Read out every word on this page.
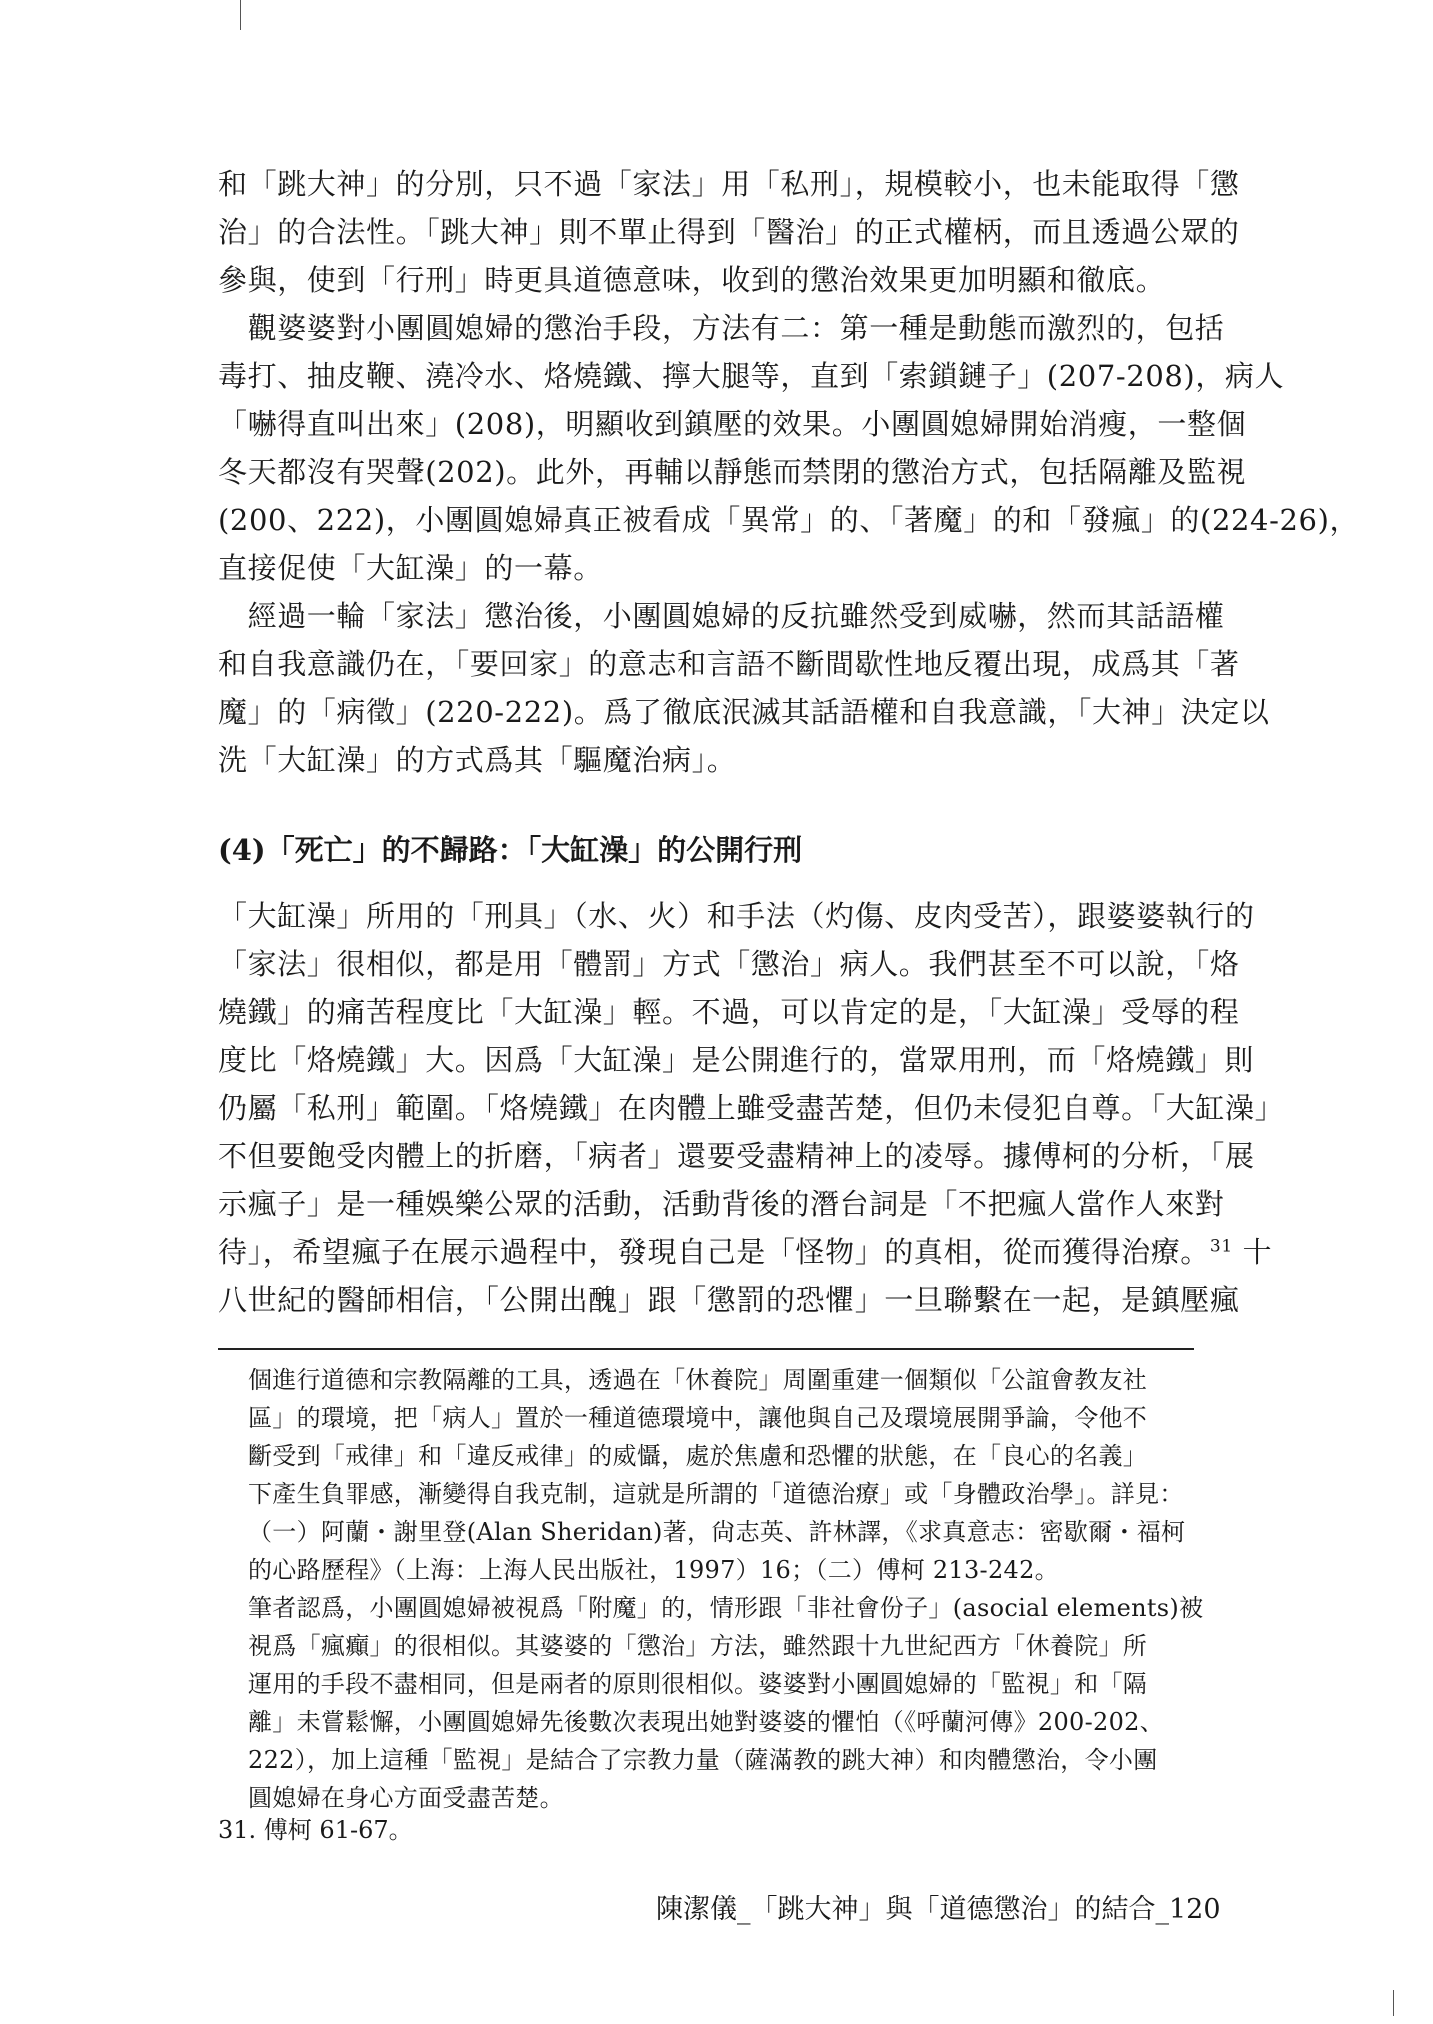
和「跳大神」的分別，只不過「家法」用「私刑」，規模較小，也未能取得「懲
治」的合法性。「跳大神」則不單止得到「醫治」的正式權柄，而且透過公眾的
參與，使到「行刑」時更具道德意味，收到的懲治效果更加明顯和徹底。
　觀婆婆對小團圓媳婦的懲治手段，方法有二：第一種是動態而激烈的，包括
毒打、抽皮鞭、澆冷水、烙燒鐵、擰大腿等，直到「索鎖鏈子」(207-208)，病人
「嚇得直叫出來」(208)，明顯收到鎮壓的效果。小團圓媳婦開始消瘦，一整個
冬天都沒有哭聲(202)。此外，再輔以靜態而禁閉的懲治方式，包括隔離及監視
(200、222)，小團圓媳婦真正被看成「異常」的、「著魔」的和「發瘋」的(224-26)，
直接促使「大缸澡」的一幕。
　經過一輪「家法」懲治後，小團圓媳婦的反抗雖然受到威嚇，然而其話語權
和自我意識仍在，「要回家」的意志和言語不斷間歇性地反覆出現，成爲其「著
魔」的「病徵」(220-222)。爲了徹底泯滅其話語權和自我意識，「大神」決定以
洗「大缸澡」的方式爲其「驅魔治病」。
(4)「死亡」的不歸路：「大缸澡」的公開行刑
「大缸澡」所用的「刑具」（水、火）和手法（灼傷、皮肉受苦），跟婆婆執行的
「家法」很相似，都是用「體罰」方式「懲治」病人。我們甚至不可以說，「烙
燒鐵」的痛苦程度比「大缸澡」輕。不過，可以肯定的是，「大缸澡」受辱的程
度比「烙燒鐵」大。因爲「大缸澡」是公開進行的，當眾用刑，而「烙燒鐵」則
仍屬「私刑」範圍。「烙燒鐵」在肉體上雖受盡苦楚，但仍未侵犯自尊。「大缸澡」
不但要飽受肉體上的折磨，「病者」還要受盡精神上的凌辱。據傅柯的分析，「展
示瘋子」是一種娛樂公眾的活動，活動背後的潛台詞是「不把瘋人當作人來對
待」，希望瘋子在展示過程中，發現自己是「怪物」的真相，從而獲得治療。$^{31}$ 十
八世紀的醫師相信，「公開出醜」跟「懲罰的恐懼」一旦聯繫在一起，是鎮壓瘋
個進行道德和宗教隔離的工具，透過在「休養院」周圍重建一個類似「公誼會教友社
區」的環境，把「病人」置於一種道德環境中，讓他與自己及環境展開爭論，令他不
斷受到「戒律」和「違反戒律」的威懾，處於焦慮和恐懼的狀態，在「良心的名義」
下產生負罪感，漸變得自我克制，這就是所謂的「道德治療」或「身體政治學」。詳見：
（一）阿蘭・謝里登(Alan Sheridan)著，尙志英、許林譯，《求真意志：密歇爾・福柯
的心路歷程》（上海：上海人民出版社，1997）16；（二）傅柯 213-242。
筆者認爲，小團圓媳婦被視爲「附魔」的，情形跟「非社會份子」(asocial elements)被
視爲「瘋癲」的很相似。其婆婆的「懲治」方法，雖然跟十九世紀西方「休養院」所
運用的手段不盡相同，但是兩者的原則很相似。婆婆對小團圓媳婦的「監視」和「隔
離」未嘗鬆懈，小團圓媳婦先後數次表現出她對婆婆的懼怕（《呼蘭河傳》200-202、
222），加上這種「監視」是結合了宗教力量（薩滿教的跳大神）和肉體懲治，令小團
圓媳婦在身心方面受盡苦楚。
31. 傅柯 61-67。
陳潔儀_「跳大神」與「道德懲治」的結合_120
